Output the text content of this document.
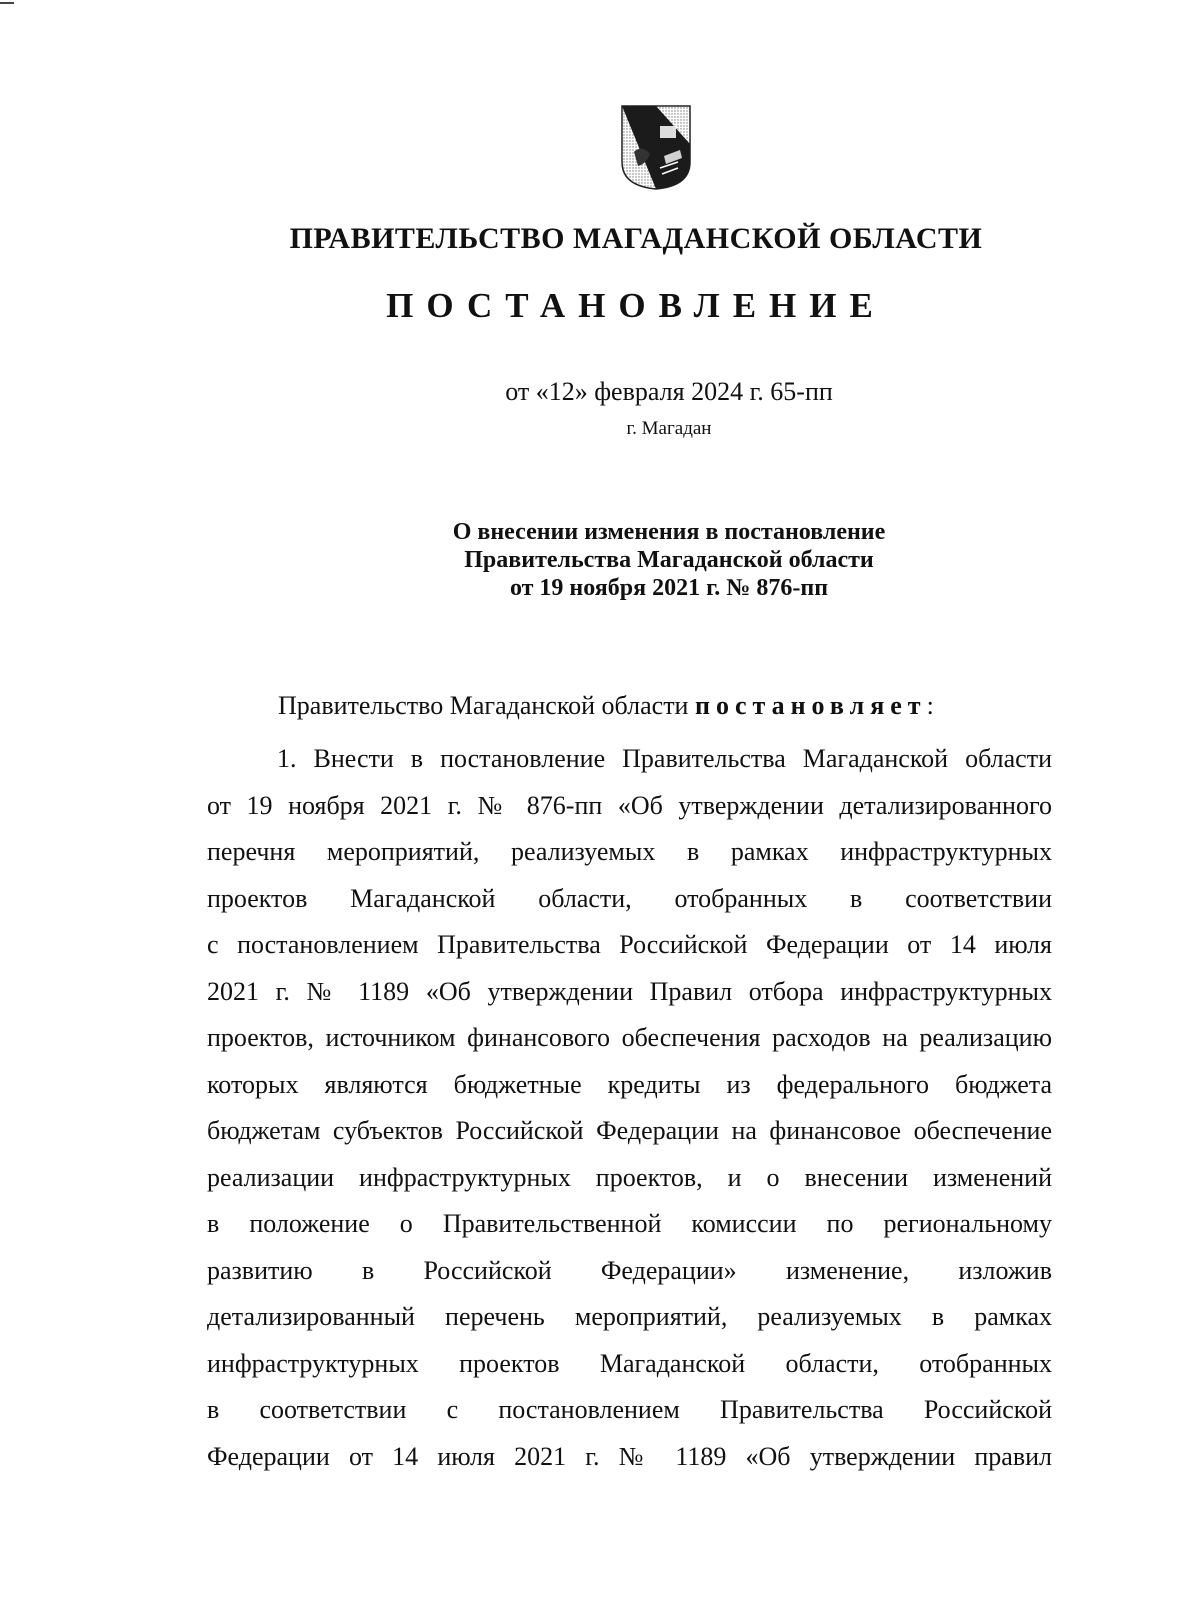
ПРАВИТЕЛЬСТВО МАГАДАНСКОЙ ОБЛАСТИ
ПОСТАНОВЛЕНИЕ
от «12» февраля 2024 г. 65-пп
г. Магадан
О внесении изменения в постановление
Правительства Магаданской области
от 19 ноября 2021 г. № 876-пп
Правительство Магаданской области постановляет:
1. Внести в постановление Правительства Магаданской области
от 19 ноября 2021 г. № 876-пп «Об утверждении детализированного
перечня мероприятий, реализуемых в рамках инфраструктурных
проектов Магаданской области, отобранных в соответствии
с постановлением Правительства Российской Федерации от 14 июля
2021 г. № 1189 «Об утверждении Правил отбора инфраструктурных
проектов, источником финансового обеспечения расходов на реализацию
которых являются бюджетные кредиты из федерального бюджета
бюджетам субъектов Российской Федерации на финансовое обеспечение
реализации инфраструктурных проектов, и о внесении изменений
в положение о Правительственной комиссии по региональному
развитию в Российской Федерации» изменение, изложив
детализированный перечень мероприятий, реализуемых в рамках
инфраструктурных проектов Магаданской области, отобранных
в соответствии с постановлением Правительства Российской
Федерации от 14 июля 2021 г. № 1189 «Об утверждении правил
